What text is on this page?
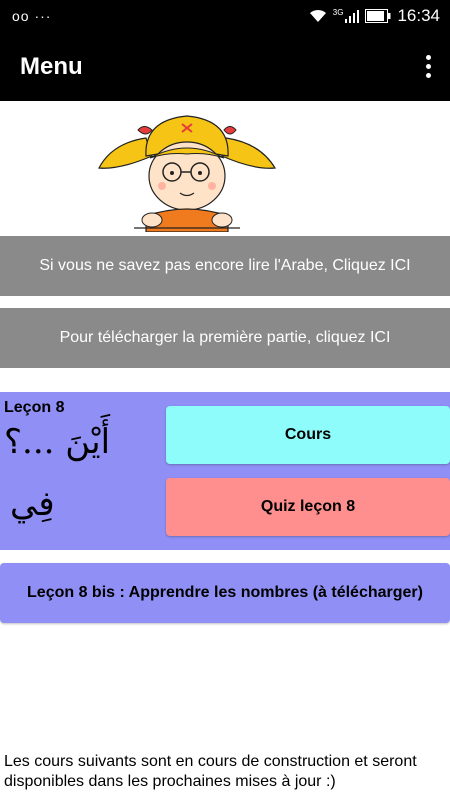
oo ···	3G	16:34
Menu
Si vous ne savez pas encore lire l'Arabe, Cliquez ICI
Pour télécharger la première partie, cliquez ICI
Leçon 8
أَيْنَ ...؟
فِي
Cours
Quiz leçon 8
Leçon 8 bis : Apprendre les nombres (à télécharger)
Les cours suivants sont en cours de construction et seront disponibles dans les prochaines mises à jour :)
